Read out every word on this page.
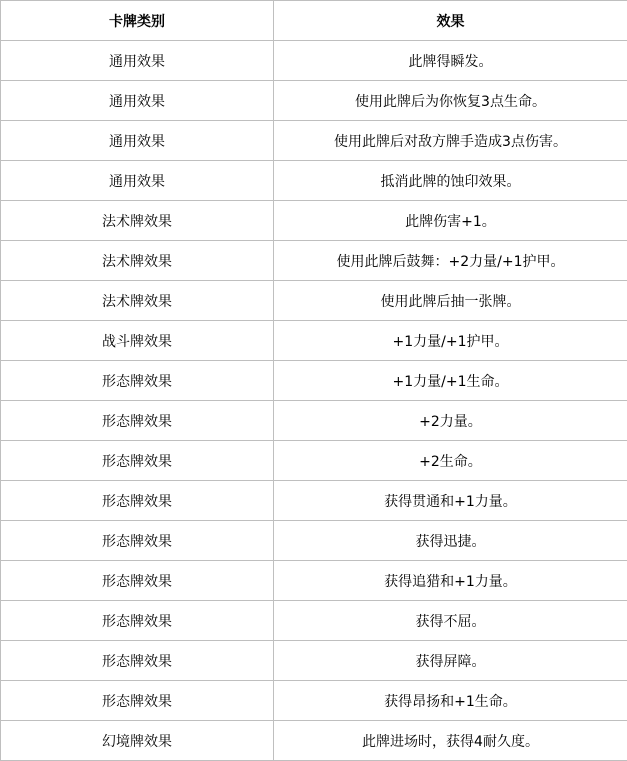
卡牌类别	效果
通用效果	此牌得瞬发。
通用效果	使用此牌后为你恢复3点生命。
通用效果	使用此牌后对敌方牌手造成3点伤害。
通用效果	抵消此牌的蚀印效果。
法术牌效果	此牌伤害+1。
法术牌效果	使用此牌后鼓舞：+2力量/+1护甲。
法术牌效果	使用此牌后抽一张牌。
战斗牌效果	+1力量/+1护甲。
形态牌效果	+1力量/+1生命。
形态牌效果	+2力量。
形态牌效果	+2生命。
形态牌效果	获得贯通和+1力量。
形态牌效果	获得迅捷。
形态牌效果	获得追猎和+1力量。
形态牌效果	获得不屈。
形态牌效果	获得屏障。
形态牌效果	获得昂扬和+1生命。
幻境牌效果	此牌进场时，获得4耐久度。
